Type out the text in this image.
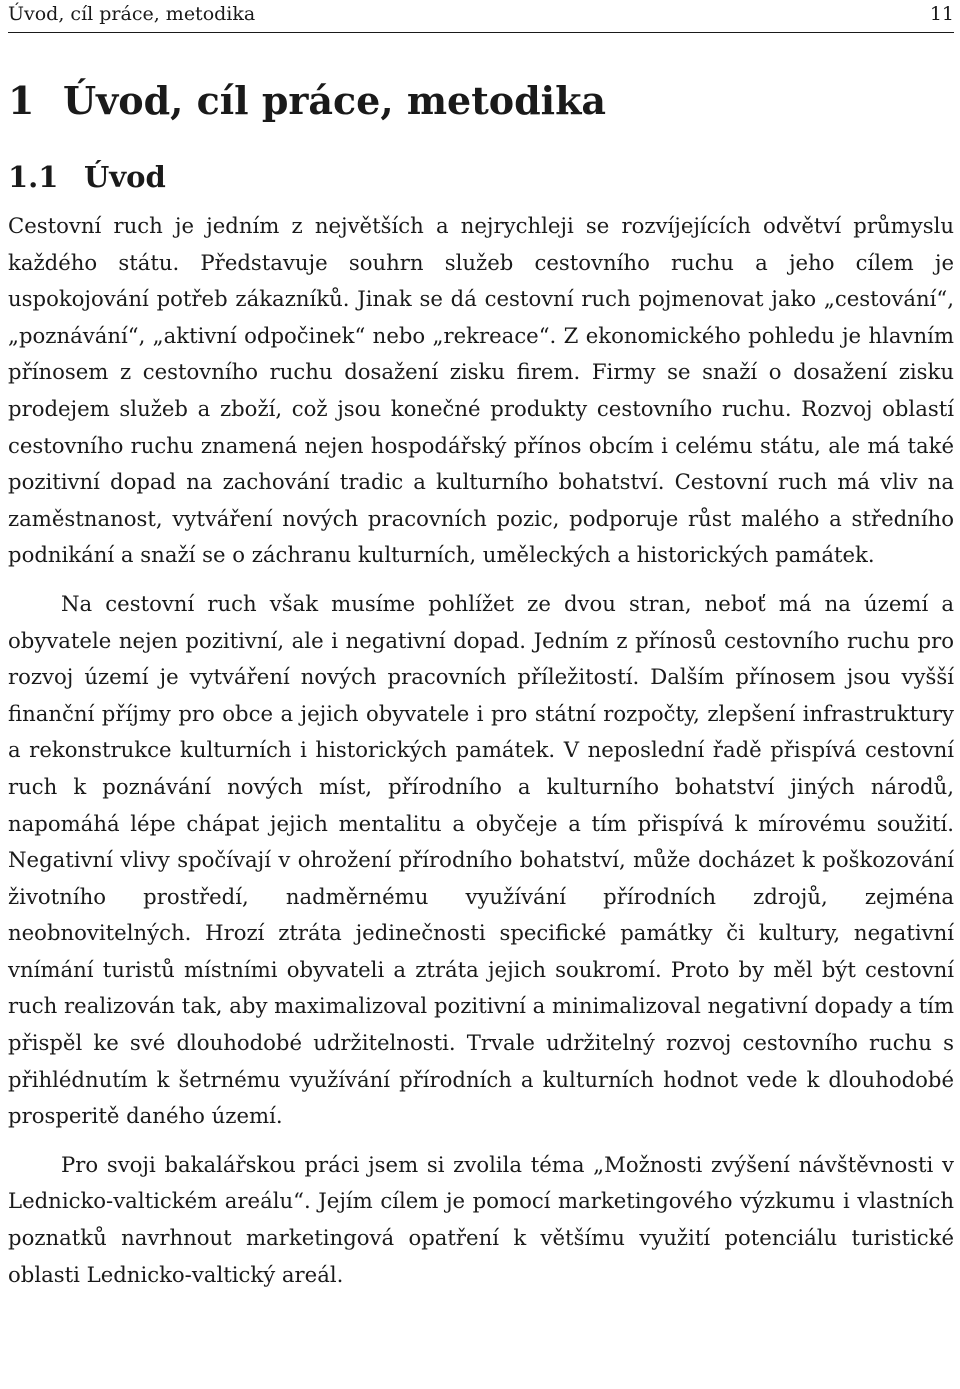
Úvod, cíl práce, metodika	11
1 Úvod, cíl práce, metodika
1.1 Úvod

Cestovní ruch je jedním z největších a nejrychleji se rozvíjejících odvětví průmyslu každého státu. Představuje souhrn služeb cestovního ruchu a jeho cílem je uspokojování potřeb zákazníků. Jinak se dá cestovní ruch pojmenovat jako „cestování“, „poznávání“, „aktivní odpočinek“ nebo „rekreace“. Z ekonomického pohledu je hlavním přínosem z cestovního ruchu dosažení zisku firem. Firmy se snaží o dosažení zisku prodejem služeb a zboží, což jsou konečné produkty cestovního ruchu. Rozvoj oblastí cestovního ruchu znamená nejen hospodářský přínos obcím i celému státu, ale má také pozitivní dopad na zachování tradic a kulturního bohatství. Cestovní ruch má vliv na zaměstnanost, vytváření nových pracovních pozic, podporuje růst malého a středního podnikání a snaží se o záchranu kulturních, uměleckých a historických památek.

Na cestovní ruch však musíme pohlížet ze dvou stran, neboť má na území a obyvatele nejen pozitivní, ale i negativní dopad. Jedním z přínosů cestovního ruchu pro rozvoj území je vytváření nových pracovních příležitostí. Dalším přínosem jsou vyšší finanční příjmy pro obce a jejich obyvatele i pro státní rozpočty, zlepšení infrastruktury a rekonstrukce kulturních i historických památek. V neposlední řadě přispívá cestovní ruch k poznávání nových míst, přírodního a kulturního bohatství jiných národů, napomáhá lépe chápat jejich mentalitu a obyčeje a tím přispívá k mírovému soužití. Negativní vlivy spočívají v ohrožení přírodního bohatství, může docházet k poškozování životního prostředí, nadměrnému využívání přírodních zdrojů, zejména neobnovitelných. Hrozí ztráta jedinečnosti specifické památky či kultury, negativní vnímání turistů místními obyvateli a ztráta jejich soukromí. Proto by měl být cestovní ruch realizován tak, aby maximalizoval pozitivní a minimalizoval negativní dopady a tím přispěl ke své dlouhodobé udržitelnosti. Trvale udržitelný rozvoj cestovního ruchu s přihlédnutím k šetrnému využívání přírodních a kulturních hodnot vede k dlouhodobé prosperitě daného území.

Pro svoji bakalářskou práci jsem si zvolila téma „Možnosti zvýšení návštěvnosti v Lednicko-valtickém areálu“. Jejím cílem je pomocí marketingového výzkumu i vlastních poznatků navrhnout marketingová opatření k většímu využití potenciálu turistické oblasti Lednicko-valtický areál.
